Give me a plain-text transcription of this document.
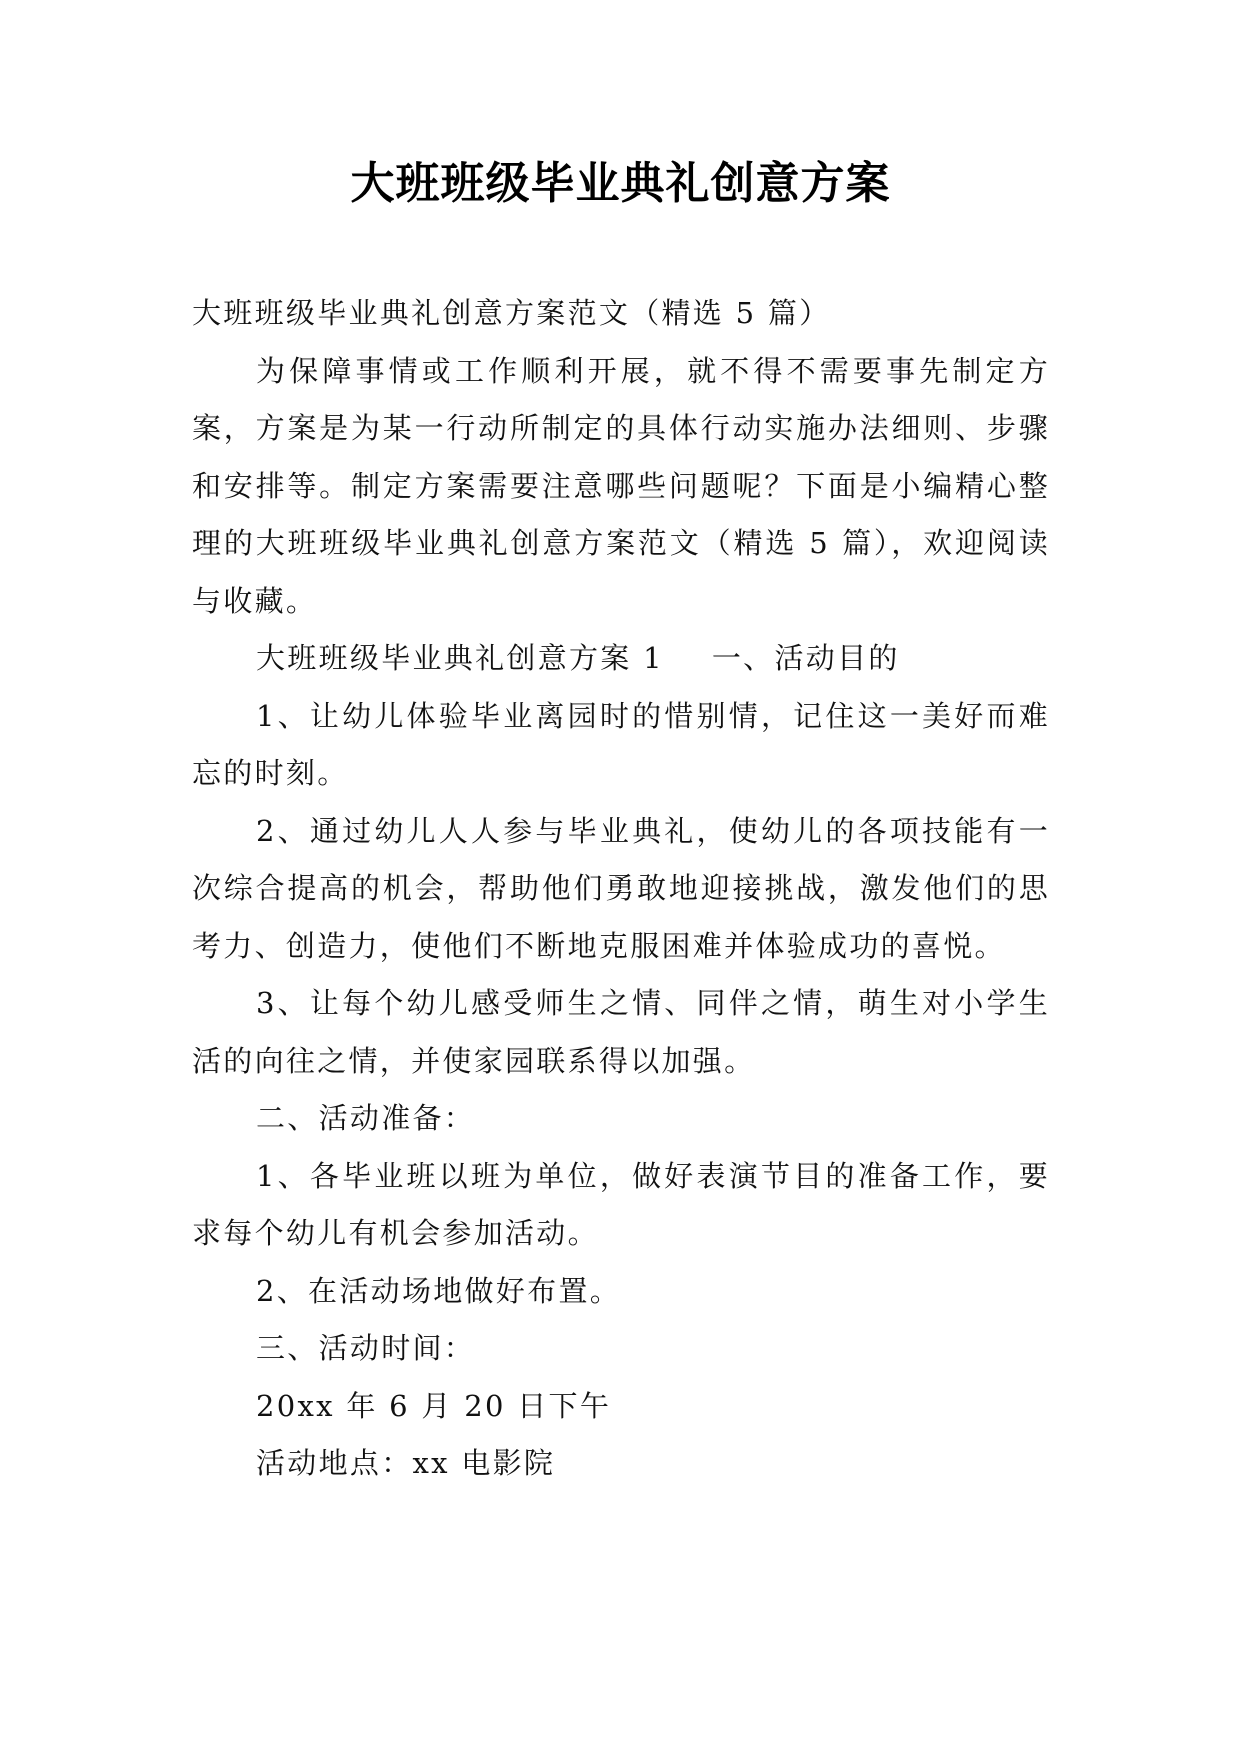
大班班级毕业典礼创意方案

大班班级毕业典礼创意方案范文（精选 5 篇）

为保障事情或工作顺利开展，就不得不需要事先制定方案，方案是为某一行动所制定的具体行动实施办法细则、步骤和安排等。制定方案需要注意哪些问题呢？下面是小编精心整理的大班班级毕业典礼创意方案范文（精选 5 篇），欢迎阅读与收藏。

大班班级毕业典礼创意方案 1 一、活动目的

1、让幼儿体验毕业离园时的惜别情，记住这一美好而难忘的时刻。

2、通过幼儿人人参与毕业典礼，使幼儿的各项技能有一次综合提高的机会，帮助他们勇敢地迎接挑战，激发他们的思考力、创造力，使他们不断地克服困难并体验成功的喜悦。

3、让每个幼儿感受师生之情、同伴之情，萌生对小学生活的向往之情，并使家园联系得以加强。

二、活动准备：

1、各毕业班以班为单位，做好表演节目的准备工作，要求每个幼儿有机会参加活动。

2、在活动场地做好布置。

三、活动时间：

20xx 年 6 月 20 日下午

活动地点：xx 电影院
